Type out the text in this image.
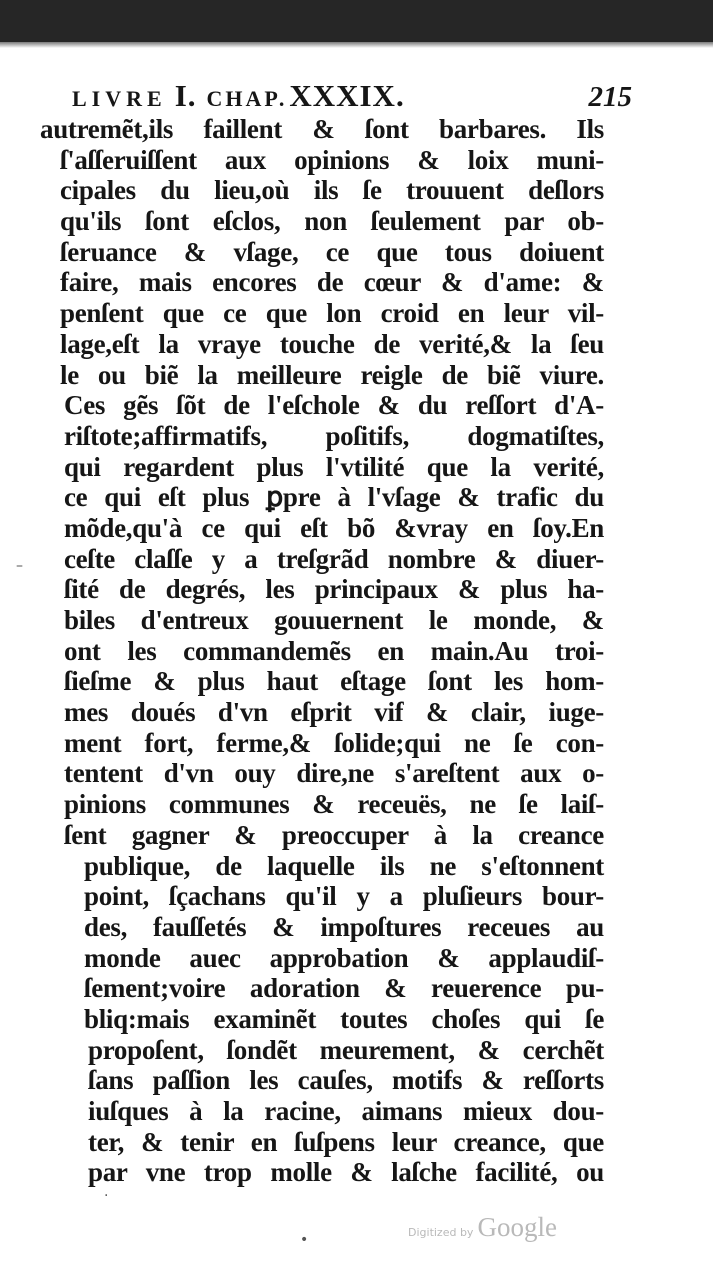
LIVRE I. CHAP. XXXIX.	215
autremẽt,ils faillent & ſont barbares. Ils
ſ'aſſeruiſſent aux opinions & loix muni-
cipales du lieu,où ils ſe trouuent deſlors
qu'ils ſont eſclos, non ſeulement par ob-
ſeruance & vſage, ce que tous doiuent
faire, mais encores de cœur & d'ame: &
penſent que ce que lon croid en leur vil-
lage,eſt la vraye touche de verité,& la ſeu
le ou biẽ la meilleure reigle de biẽ viure.
Ces gẽs ſõt de l'eſchole & du reſſort d'A-
riſtote;affirmatifs, poſitifs, dogmatiſtes,
qui regardent plus l'vtilité que la verité,
ce qui eſt plus ꝑpre à l'vſage & trafic du
mõde,qu'à ce qui eſt bõ &vray en ſoy.En
ceſte claſſe y a treſgrãd nombre & diuer-
ſité de degrés, les principaux & plus ha-
biles d'entreux gouuernent le monde, &
ont les commandemẽs en main.Au troi-
ſieſme & plus haut eſtage ſont les hom-
mes doués d'vn eſprit vif & clair, iuge-
ment fort, ferme,& ſolide;qui ne ſe con-
tentent d'vn ouy dire,ne s'areſtent aux o-
pinions communes & receuës, ne ſe laiſ-
ſent gagner & preoccuper à la creance
publique, de laquelle ils ne s'eſtonnent
point, ſçachans qu'il y a pluſieurs bour-
des, fauſſetés & impoſtures receues au
monde auec approbation & applaudiſ-
ſement;voire adoration & reuerence pu-
bliq:mais examinẽt toutes choſes qui ſe
propoſent, ſondẽt meurement, & cerchẽt
ſans paſſion les cauſes, motifs & reſſorts
iuſques à la racine, aimans mieux dou-
ter, & tenir en ſuſpens leur creance, que
par vne trop molle & laſche facilité, ou
–
·
•	Digitized by Google
